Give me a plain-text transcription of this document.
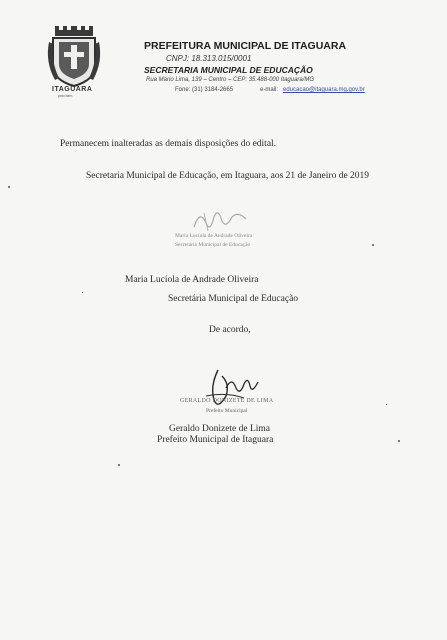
ITAGUARA
pelo bem
PREFEITURA MUNICIPAL DE ITAGUARA
CNPJ: 18.313.015/0001
SECRETARIA MUNICIPAL DE EDUCAÇÃO
Rua Mário Lima, 139 – Centro – CEP: 35.488-000 Itaguara/MG
Fone: (31) 3184-2665	e-mail: educacao@itaguara.mg.gov.br
Permanecem inalteradas as demais disposições do edital.
Secretaria Municipal de Educação, em Itaguara, aos 21 de Janeiro de 2019
Maria Lucíola de Andrade Oliveira
Secretária Municipal de Educação
Maria Lucíola de Andrade Oliveira
Secretária Municipal de Educação
De acordo,
GERALDO DONIZETE DE LIMA
Prefeito Municipal
Geraldo Donizete de Lima
Prefeito Municipal de Itaguara
